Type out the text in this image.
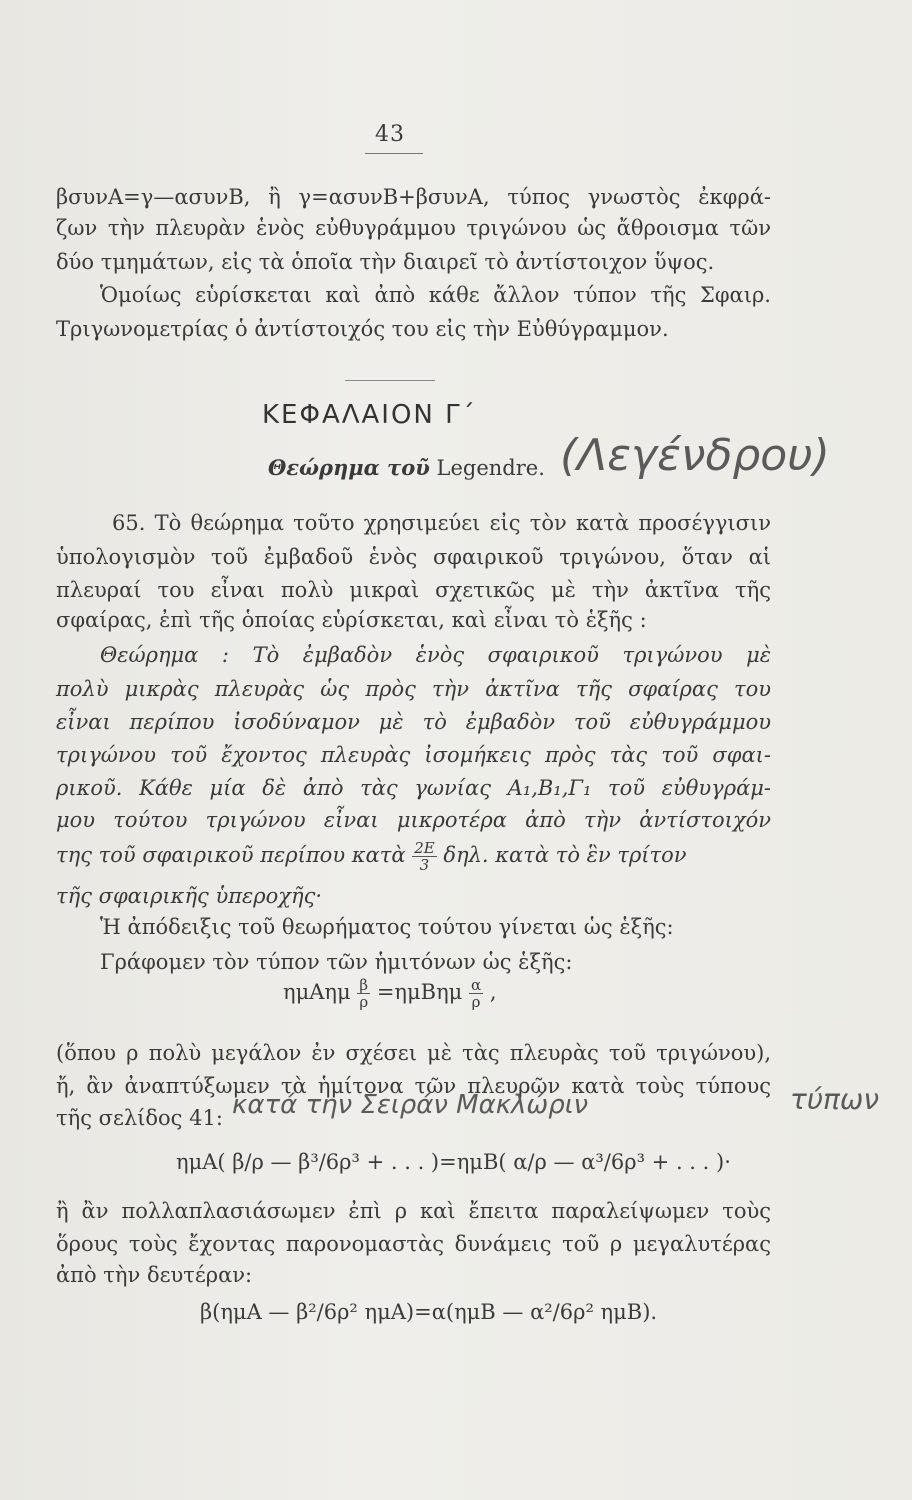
43
βσυνΑ=γ—ασυνΒ, ἢ γ=ασυνΒ+βσυνΑ, τύπος γνωστὸς ἐκφρά-
ζων τὴν πλευρὰν ἑνὸς εὐθυγράμμου τριγώνου ὡς ἄθροισμα τῶν
δύο τμημάτων, εἰς τὰ ὁποῖα τὴν διαιρεῖ τὸ ἀντίστοιχον ὕψος.
Ὁμοίως εὑρίσκεται καὶ ἀπὸ κάθε ἄλλον τύπον τῆς Σφαιρ.
Τριγωνομετρίας ὁ ἀντίστοιχός του εἰς τὴν Εὐθύγραμμον.
ΚΕΦΑΛΑΙΟΝ Γ΄
Θεώρημα τοῦ Legendre. (Λεγένδρου)
65. Τὸ θεώρημα τοῦτο χρησιμεύει εἰς τὸν κατὰ προσέγγισιν
ὑπολογισμὸν τοῦ ἐμβαδοῦ ἑνὸς σφαιρικοῦ τριγώνου, ὅταν αἱ
πλευραί του εἶναι πολὺ μικραὶ σχετικῶς μὲ τὴν ἀκτῖνα τῆς
σφαίρας, ἐπὶ τῆς ὁποίας εὑρίσκεται, καὶ εἶναι τὸ ἑξῆς :
Θεώρημα : Τὸ ἐμβαδὸν ἑνὸς σφαιρικοῦ τριγώνου μὲ
πολὺ μικρὰς πλευρὰς ὡς πρὸς τὴν ἀκτῖνα τῆς σφαίρας του
εἶναι περίπου ἰσοδύναμον μὲ τὸ ἐμβαδὸν τοῦ εὐθυγράμμου
τριγώνου τοῦ ἔχοντος πλευρὰς ἰσομήκεις πρὸς τὰς τοῦ σφαι-
ρικοῦ. Κάθε μία δὲ ἀπὸ τὰς γωνίας Α₁,Β₁,Γ₁ τοῦ εὐθυγράμ-
μου τούτου τριγώνου εἶναι μικροτέρα ἀπὸ τὴν ἀντίστοιχόν
της τοῦ σφαιρικοῦ περίπου κατὰ $\frac{2E}{3} \delta\eta\lambda$. κατὰ τὸ ἓν τρίτον
τῆς σφαιρικῆς ὑπεροχῆς·
Ἡ ἀπόδειξις τοῦ θεωρήματος τούτου γίνεται ὡς ἑξῆς:
Γράφομεν τὸν τύπον τῶν ἡμιτόνων ὡς ἑξῆς:
ημΑημ $\frac{\beta}{\rho} =\eta\mu B\eta\mu \frac{\alpha}{\rho}$ ,
(ὅπου ρ πολὺ μεγάλον ἐν σχέσει μὲ τὰς πλευρὰς τοῦ τριγώνου),
ἤ, ἂν ἀναπτύξωμεν τὰ ἡμίτονα τῶν πλευρῶν κατὰ τοὺς τύπους
τῆς σελίδος 41: κατά την Σειράν Μακλώριν	τύπων
ημΑ( β/ρ — β³/6ρ³ + . . . )=ημΒ( α/ρ — α³/6ρ³ + . . . )·
ἢ ἂν πολλαπλασιάσωμεν ἐπὶ ρ καὶ ἔπειτα παραλείψωμεν τοὺς
ὅρους τοὺς ἔχοντας παρονομαστὰς δυνάμεις τοῦ ρ μεγαλυτέρας
ἀπὸ τὴν δευτέραν:
β(ημΑ — β²/6ρ² ημΑ)=α(ημΒ — α²/6ρ² ημΒ).
